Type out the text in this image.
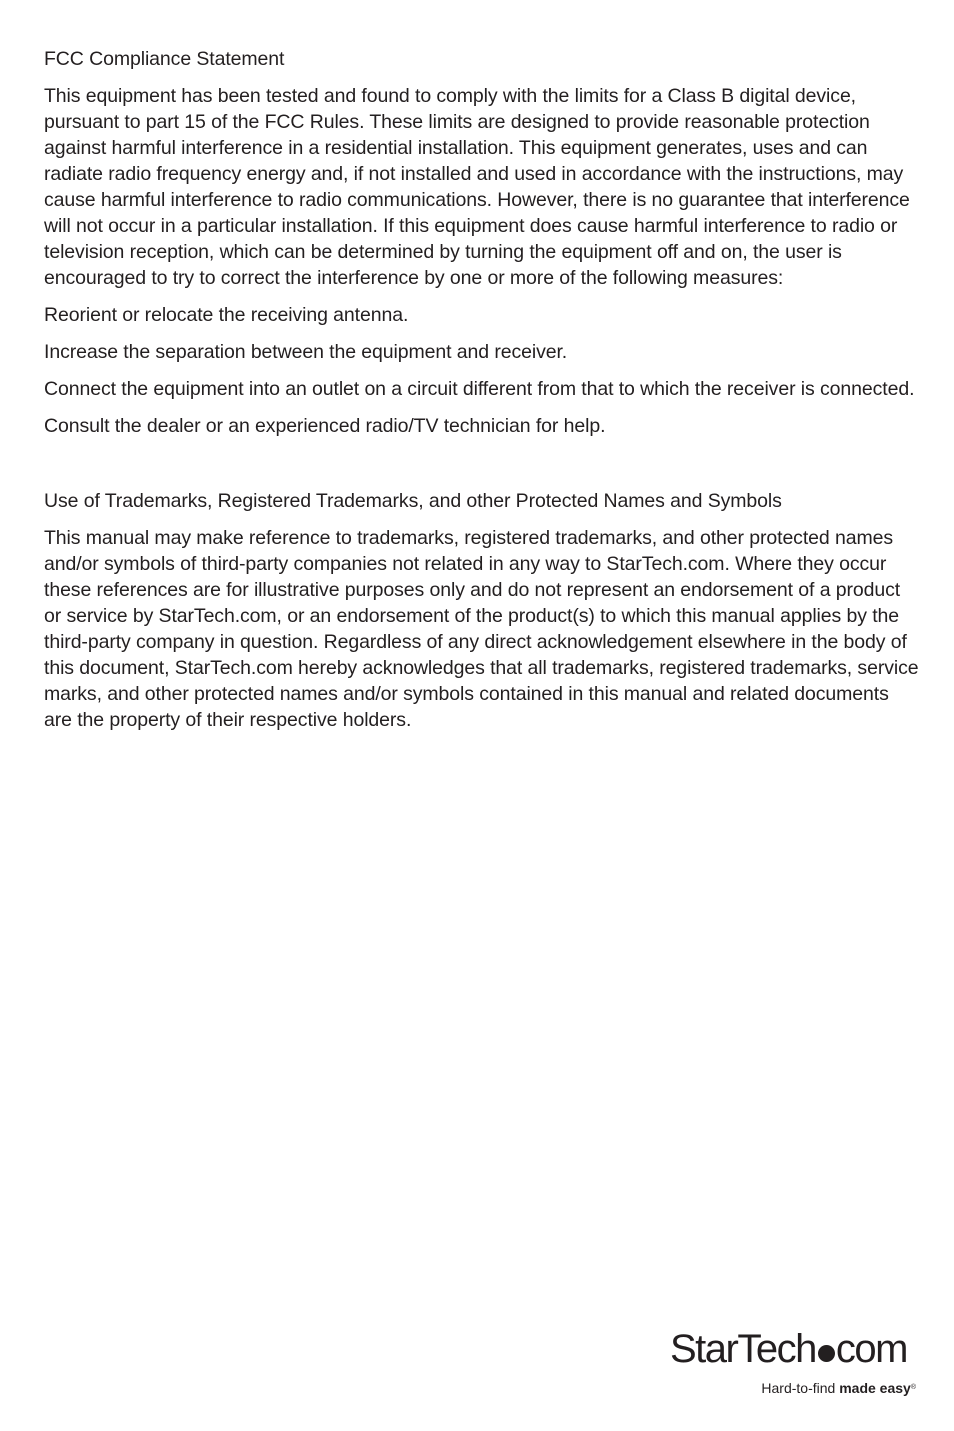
FCC Compliance Statement

This equipment has been tested and found to comply with the limits for a Class B digital device, pursuant to part 15 of the FCC Rules. These limits are designed to provide reasonable protection against harmful interference in a residential installation. This equipment generates, uses and can radiate radio frequency energy and, if not installed and used in accordance with the instructions, may cause harmful interference to radio communications. However, there is no guarantee that interference will not occur in a particular installation. If this equipment does cause harmful interference to radio or television reception, which can be determined by turning the equipment off and on, the user is encouraged to try to correct the interference by one or more of the following measures:

Reorient or relocate the receiving antenna.

Increase the separation between the equipment and receiver.

Connect the equipment into an outlet on a circuit different from that to which the receiver is connected.

Consult the dealer or an experienced radio/TV technician for help.

Use of Trademarks, Registered Trademarks, and other Protected Names and Symbols

This manual may make reference to trademarks, registered trademarks, and other protected names and/or symbols of third-party companies not related in any way to StarTech.com. Where they occur these references are for illustrative purposes only and do not represent an endorsement of a product or service by StarTech.com, or an endorsement of the product(s) to which this manual applies by the third-party company in question. Regardless of any direct acknowledgement elsewhere in the body of this document, StarTech.com hereby acknowledges that all trademarks, registered trademarks, service marks, and other protected names and/or symbols contained in this manual and related documents are the property of their respective holders.

StarTech com
Hard-to-find made easy®
